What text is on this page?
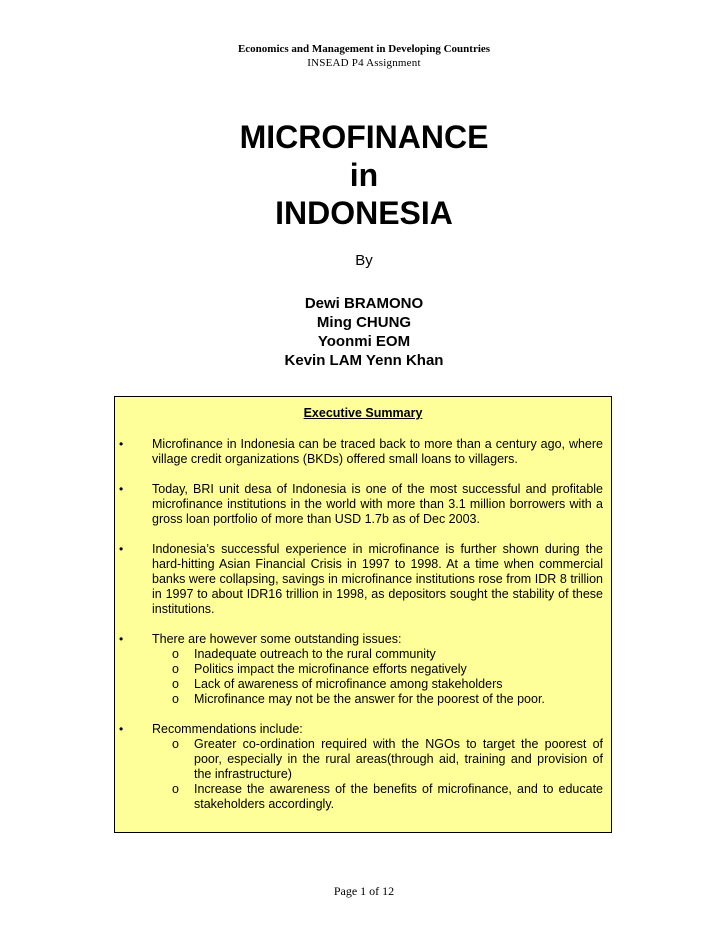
Economics and Management in Developing Countries
INSEAD P4 Assignment
MICROFINANCE
in
INDONESIA
By
Dewi BRAMONO
Ming CHUNG
Yoonmi EOM
Kevin LAM Yenn Khan
Executive Summary
• Microfinance in Indonesia can be traced back to more than a century ago, where village credit organizations (BKDs) offered small loans to villagers.
• Today, BRI unit desa of Indonesia is one of the most successful and profitable microfinance institutions in the world with more than 3.1 million borrowers with a gross loan portfolio of more than USD 1.7b as of Dec 2003.
• Indonesia’s successful experience in microfinance is further shown during the hard-hitting Asian Financial Crisis in 1997 to 1998. At a time when commercial banks were collapsing, savings in microfinance institutions rose from IDR 8 trillion in 1997 to about IDR16 trillion in 1998, as depositors sought the stability of these institutions.
• There are however some outstanding issues:
o Inadequate outreach to the rural community
o Politics impact the microfinance efforts negatively
o Lack of awareness of microfinance among stakeholders
o Microfinance may not be the answer for the poorest of the poor.
• Recommendations include:
o Greater co-ordination required with the NGOs to target the poorest of poor, especially in the rural areas(through aid, training and provision of the infrastructure)
o Increase the awareness of the benefits of microfinance, and to educate stakeholders accordingly.
Page 1 of 12
